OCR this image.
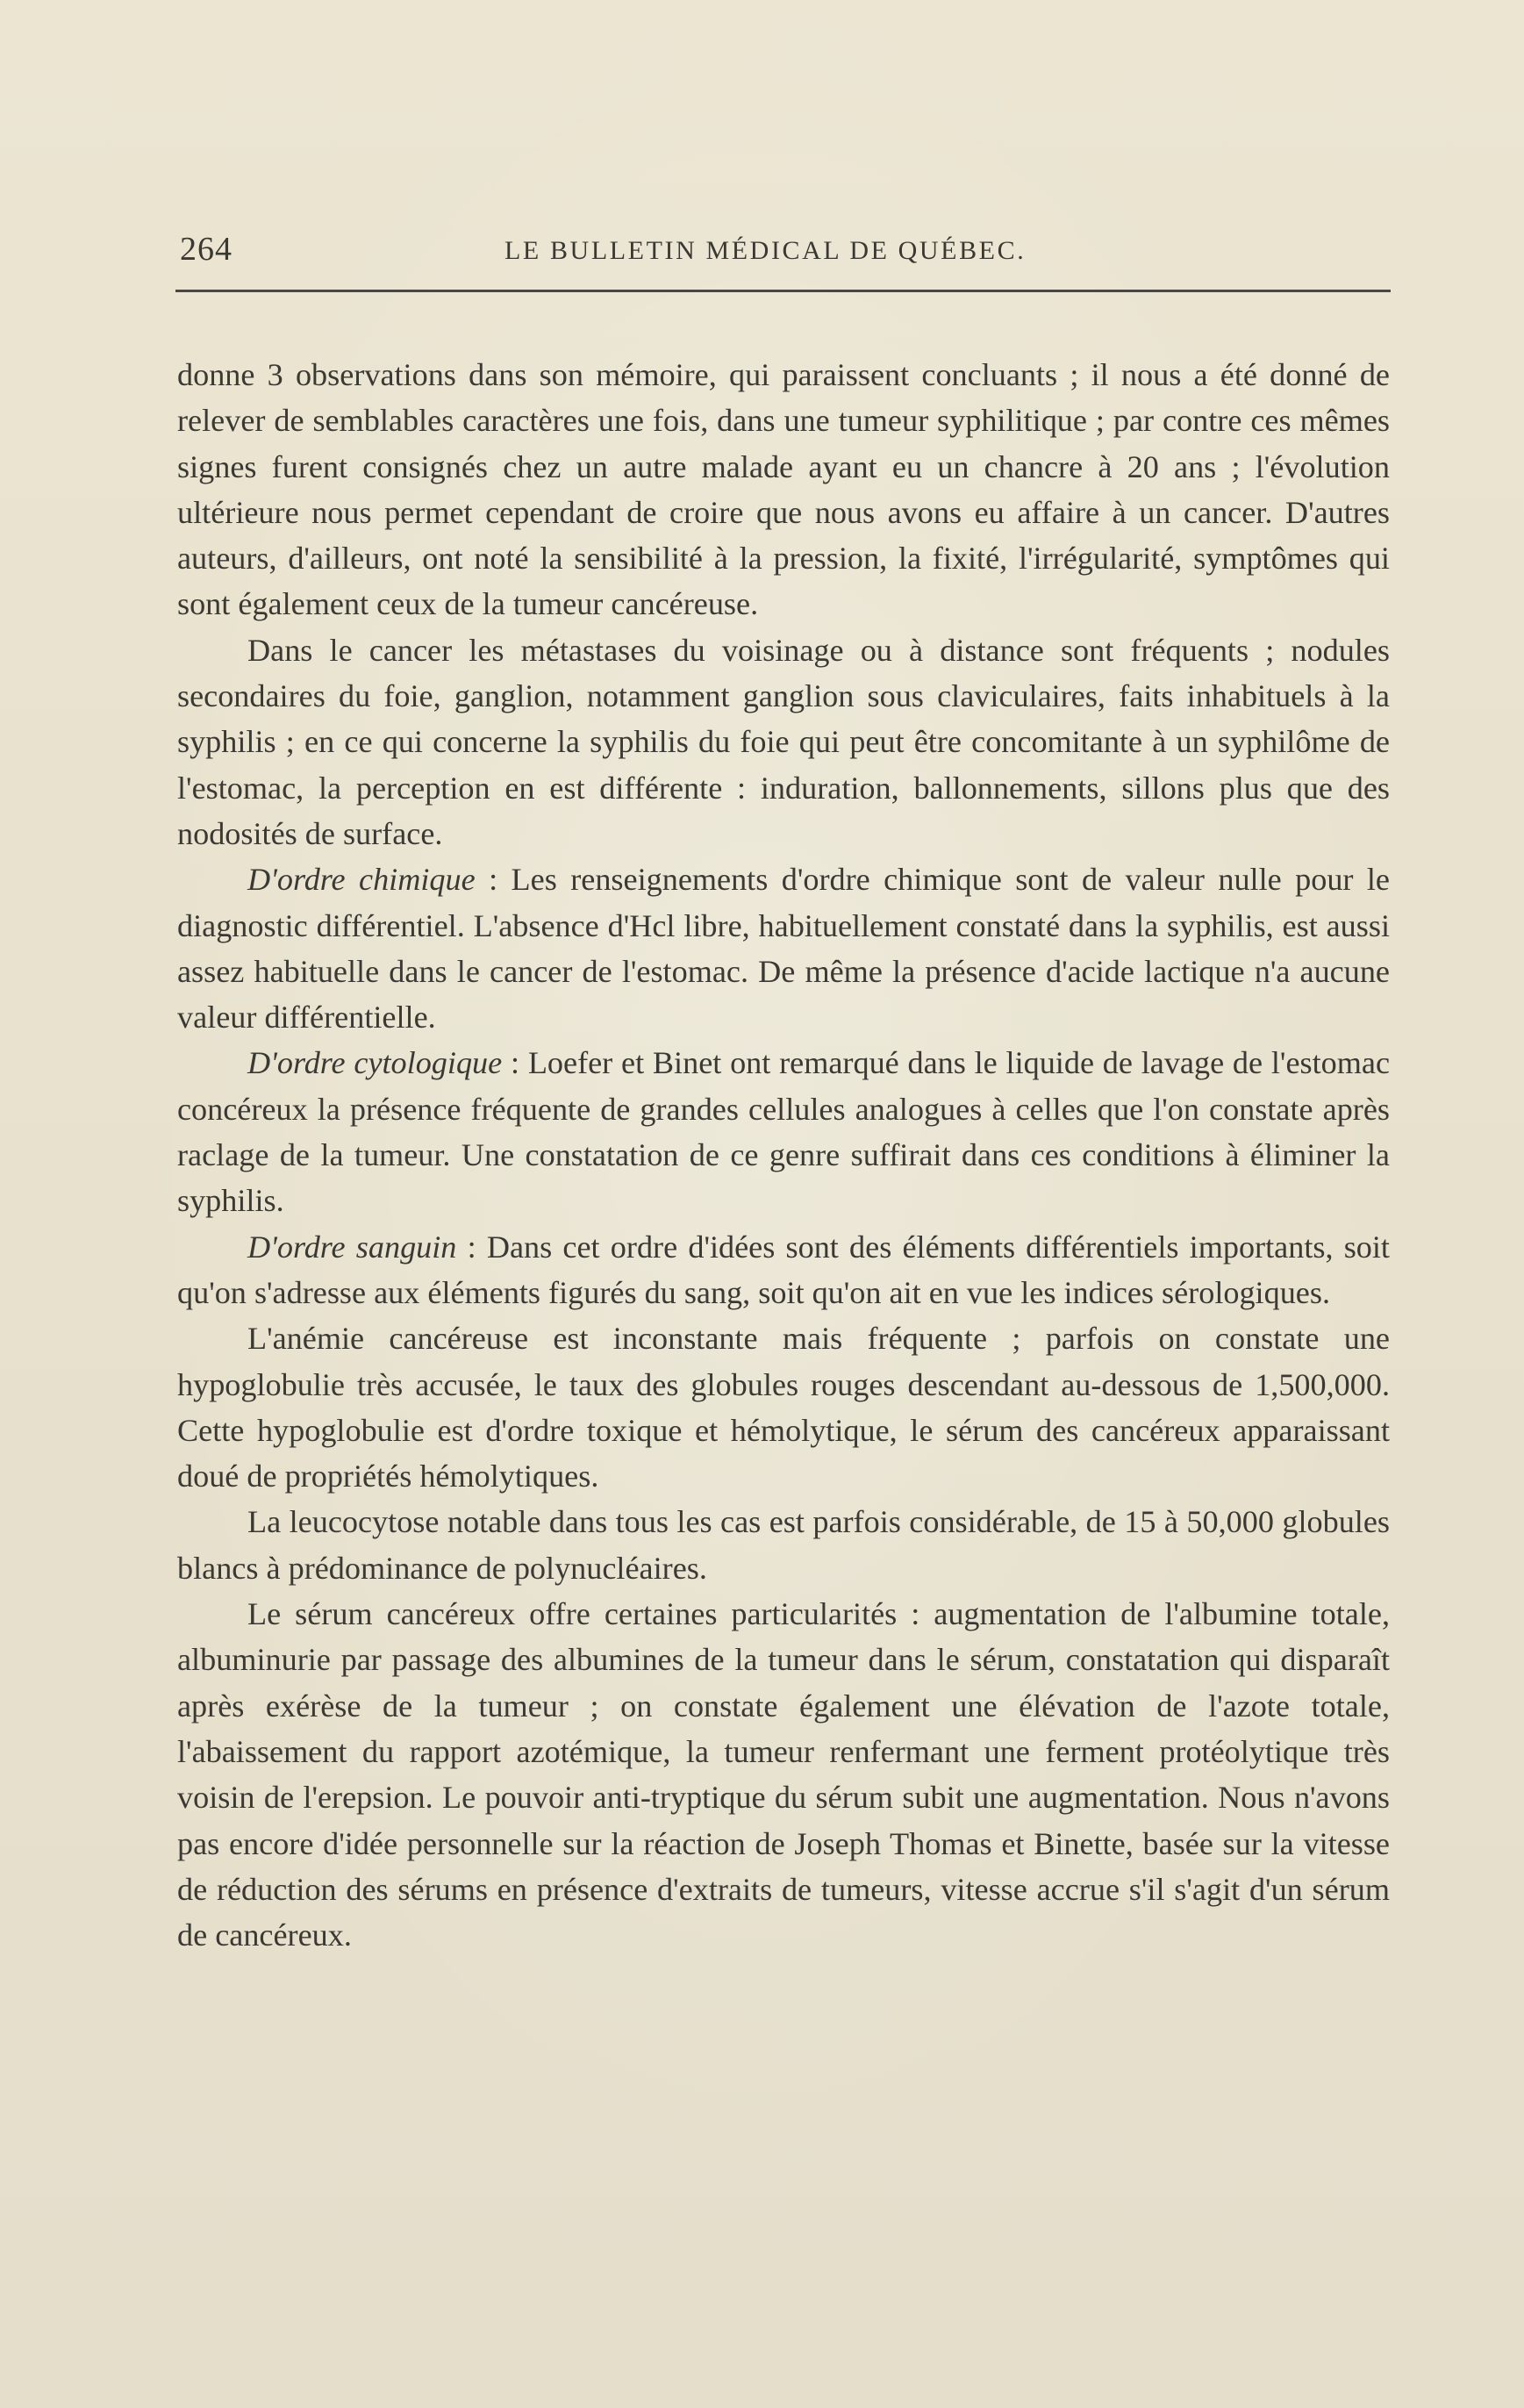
264	LE BULLETIN MÉDICAL DE QUÉBEC.

donne 3 observations dans son mémoire, qui paraissent concluants ; il nous a été donné de relever de semblables caractères une fois, dans une tumeur syphilitique ; par contre ces mêmes signes furent consignés chez un autre malade ayant eu un chancre à 20 ans ; l'évolution ultérieure nous permet cependant de croire que nous avons eu affaire à un cancer. D'autres auteurs, d'ailleurs, ont noté la sensibilité à la pression, la fixité, l'irrégularité, symptômes qui sont également ceux de la tumeur cancéreuse.

Dans le cancer les métastases du voisinage ou à distance sont fréquents ; nodules secondaires du foie, ganglion, notamment ganglion sous claviculaires, faits inhabituels à la syphilis ; en ce qui concerne la syphilis du foie qui peut être concomitante à un syphilôme de l'estomac, la perception en est différente : induration, ballonnements, sillons plus que des nodosités de surface.

D'ordre chimique : Les renseignements d'ordre chimique sont de valeur nulle pour le diagnostic différentiel. L'absence d'Hcl libre, habituellement constaté dans la syphilis, est aussi assez habituelle dans le cancer de l'estomac. De même la présence d'acide lactique n'a aucune valeur différentielle.

D'ordre cytologique : Loefer et Binet ont remarqué dans le liquide de lavage de l'estomac concéreux la présence fréquente de grandes cellules analogues à celles que l'on constate après raclage de la tumeur. Une constatation de ce genre suffirait dans ces conditions à éliminer la syphilis.

D'ordre sanguin : Dans cet ordre d'idées sont des éléments différentiels importants, soit qu'on s'adresse aux éléments figurés du sang, soit qu'on ait en vue les indices sérologiques.

L'anémie cancéreuse est inconstante mais fréquente ; parfois on constate une hypoglobulie très accusée, le taux des globules rouges descendant au-dessous de 1,500,000. Cette hypoglobulie est d'ordre toxique et hémolytique, le sérum des cancéreux apparaissant doué de propriétés hémolytiques.

La leucocytose notable dans tous les cas est parfois considérable, de 15 à 50,000 globules blancs à prédominance de polynucléaires.

Le sérum cancéreux offre certaines particularités : augmentation de l'albumine totale, albuminurie par passage des albumines de la tumeur dans le sérum, constatation qui disparaît après exérèse de la tumeur ; on constate également une élévation de l'azote totale, l'abaissement du rapport azotémique, la tumeur renfermant une ferment protéolytique très voisin de l'erepsion. Le pouvoir anti-tryptique du sérum subit une augmentation. Nous n'avons pas encore d'idée personnelle sur la réaction de Joseph Thomas et Binette, basée sur la vitesse de réduction des sérums en présence d'extraits de tumeurs, vitesse accrue s'il s'agit d'un sérum de cancéreux.
